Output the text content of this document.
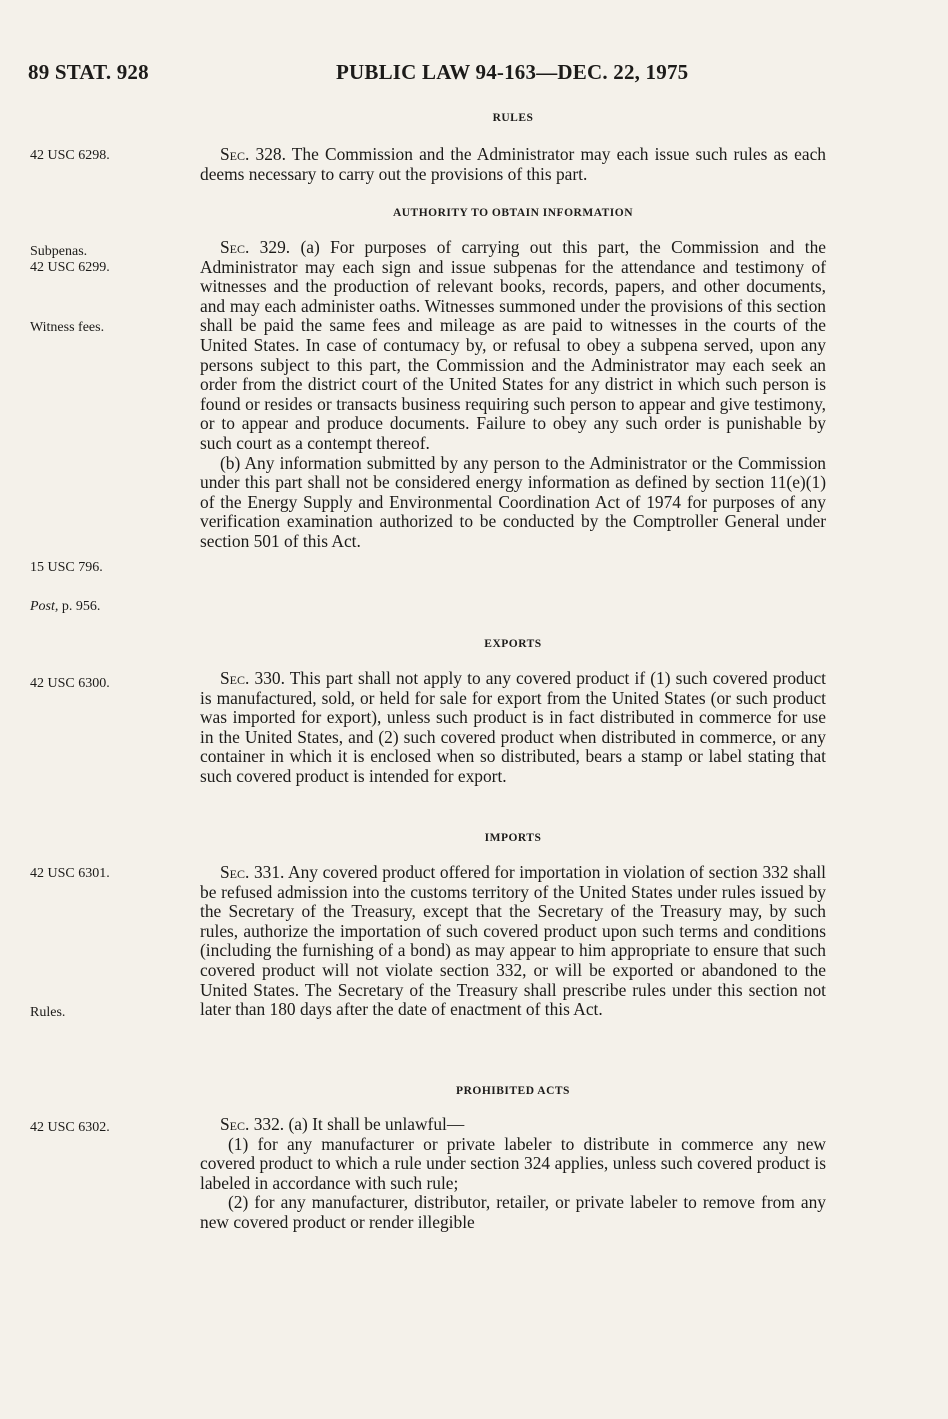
89 STAT. 928	PUBLIC LAW 94-163—DEC. 22, 1975
RULES
42 USC 6298.	Sec. 328. The Commission and the Administrator may each issue such rules as each deems necessary to carry out the provisions of this part.

AUTHORITY TO OBTAIN INFORMATION
Subpenas.
42 USC 6299.
Witness fees.

Sec. 329. (a) For purposes of carrying out this part, the Commission and the Administrator may each sign and issue subpenas for the attendance and testimony of witnesses and the production of relevant books, records, papers, and other documents, and may each administer oaths. Witnesses summoned under the provisions of this section shall be paid the same fees and mileage as are paid to witnesses in the courts of the United States. In case of contumacy by, or refusal to obey a subpena served, upon any persons subject to this part, the Commission and the Administrator may each seek an order from the district court of the United States for any district in which such person is found or resides or transacts business requiring such person to appear and give testimony, or to appear and produce documents. Failure to obey any such order is punishable by such court as a contempt thereof.

(b) Any information submitted by any person to the Administrator or the Commission under this part shall not be considered energy information as defined by section 11(e)(1) of the Energy Supply and Environmental Coordination Act of 1974 for purposes of any verification examination authorized to be conducted by the Comptroller General under section 501 of this Act.

15 USC 796.
Post, p. 956.
EXPORTS
42 USC 6300.	Sec. 330. This part shall not apply to any covered product if (1) such covered product is manufactured, sold, or held for sale for export from the United States (or such product was imported for export), unless such product is in fact distributed in commerce for use in the United States, and (2) such covered product when distributed in commerce, or any container in which it is enclosed when so distributed, bears a stamp or label stating that such covered product is intended for export.

IMPORTS
42 USC 6301.
Rules.

Sec. 331. Any covered product offered for importation in violation of section 332 shall be refused admission into the customs territory of the United States under rules issued by the Secretary of the Treasury, except that the Secretary of the Treasury may, by such rules, authorize the importation of such covered product upon such terms and conditions (including the furnishing of a bond) as may appear to him appropriate to ensure that such covered product will not violate section 332, or will be exported or abandoned to the United States. The Secretary of the Treasury shall prescribe rules under this section not later than 180 days after the date of enactment of this Act.

PROHIBITED ACTS
42 USC 6302.	Sec. 332. (a) It shall be unlawful—

(1) for any manufacturer or private labeler to distribute in commerce any new covered product to which a rule under section 324 applies, unless such covered product is labeled in accordance with such rule;

(2) for any manufacturer, distributor, retailer, or private labeler to remove from any new covered product or render illegible
